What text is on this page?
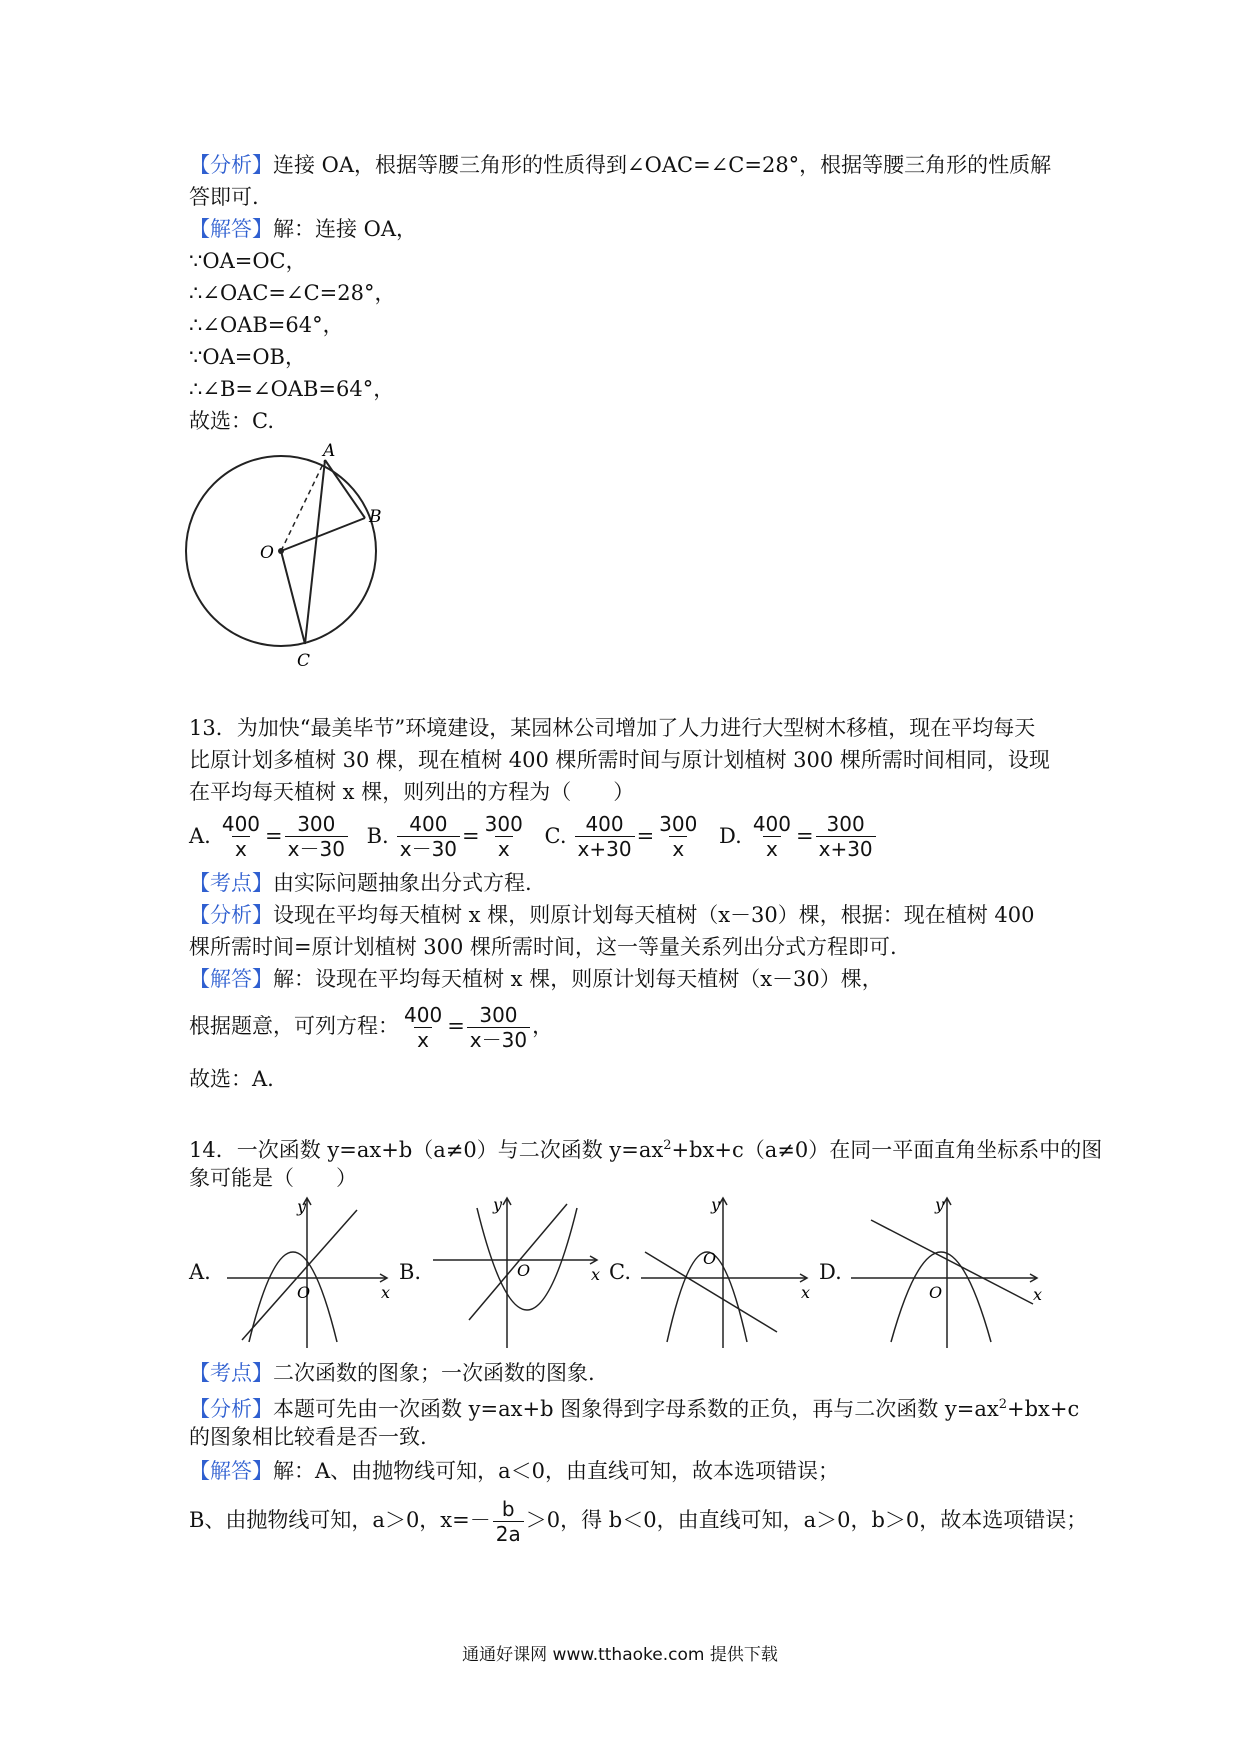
【分析】连接 OA，根据等腰三角形的性质得到∠OAC=∠C=28°，根据等腰三角形的性质解
答即可.
【解答】解：连接 OA，
∵OA=OC，
∴∠OAC=∠C=28°，
∴∠OAB=64°，
∵OA=OB，
∴∠B=∠OAB=64°，
故选：C.
A
B
O
C
13．为加快“最美毕节”环境建设，某园林公司增加了人力进行大型树木移植，现在平均每天
比原计划多植树 30 棵，现在植树 400 棵所需时间与原计划植树 300 棵所需时间相同，设现
在平均每天植树 x 棵，则列出的方程为（　　）
A. $\frac{400}{x} = \frac{300}{x-30}$
B. $\frac{400}{x-30} = \frac{300}{x}$
C. $\frac{400}{x+30} = \frac{300}{x}$
D. $\frac{400}{x} = \frac{300}{x+30}$
【考点】由实际问题抽象出分式方程.
【分析】设现在平均每天植树 x 棵，则原计划每天植树（x－30）棵，根据：现在植树 400
棵所需时间=原计划植树 300 棵所需时间，这一等量关系列出分式方程即可.
【解答】解：设现在平均每天植树 x 棵，则原计划每天植树（x－30）棵，
根据题意，可列方程： $\frac{400}{x} = \frac{300}{x-30}$ ，
故选：A.
14．一次函数 y=ax+b（a≠0）与二次函数 $y=ax^2+bx+c(a\ne 0)$在同一平面直角坐标系中的图
象可能是（　　）
A.
y
x
O
B.
y
x
O	C.
y
x
O
D.
y
x
O
【考点】二次函数的图象；一次函数的图象.
【分析】本题可先由一次函数 y=ax+b 图象得到字母系数的正负，再与二次函数 $y=ax^2+bx+c$
的图象相比较看是否一致.
【解答】解：A、由抛物线可知，a＜0，由直线可知，故本选项错误；
B、由抛物线可知，a＞0，$x=- \frac{b}{2a} >0$，得 b＜0，由直线可知，a＞0，b＞0，故本选项错误；
通通好课网 www.tthaoke.com 提供下载
